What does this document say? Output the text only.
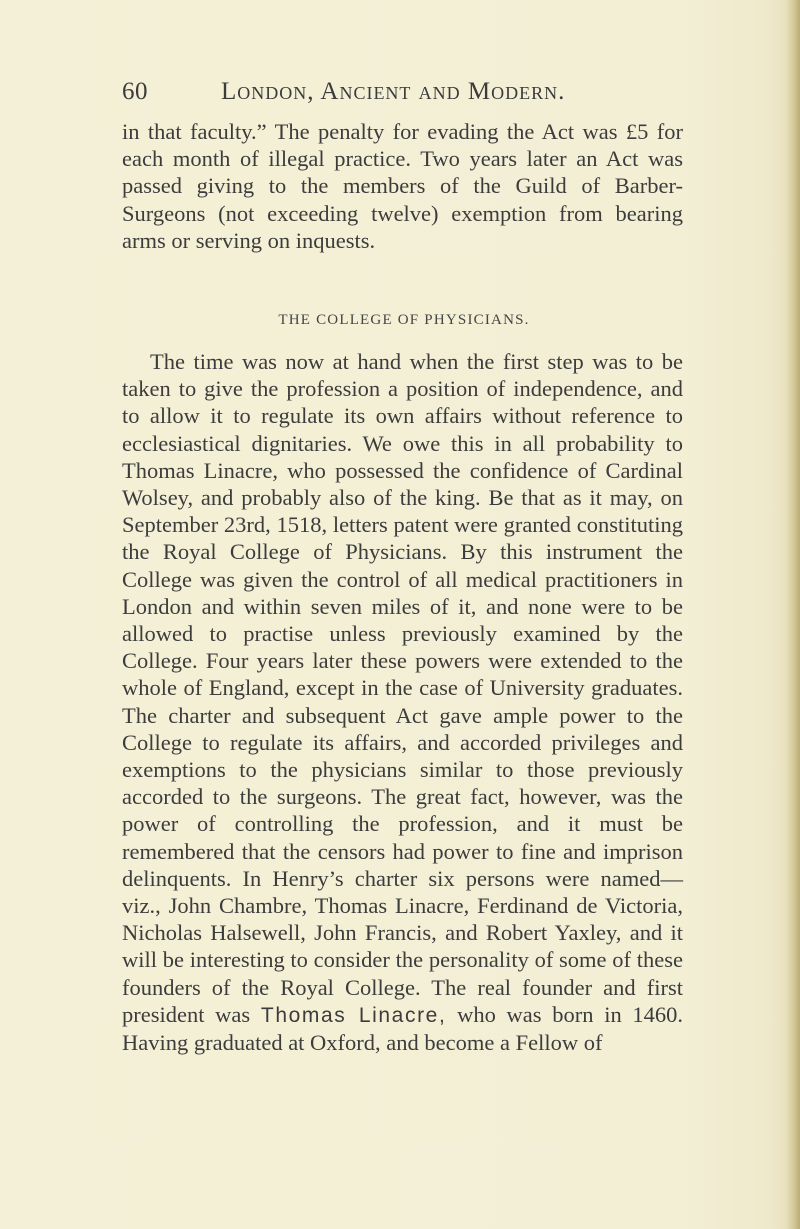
60	London, Ancient and Modern.

in that faculty.” The penalty for evading the Act was £5 for each month of illegal practice. Two years later an Act was passed giving to the members of the Guild of Barber-Surgeons (not exceeding twelve) exemption from bearing arms or serving on inquests.

THE COLLEGE OF PHYSICIANS.

The time was now at hand when the first step was to be taken to give the profession a position of independence, and to allow it to regulate its own affairs without reference to ecclesiastical dignitaries. We owe this in all probability to Thomas Linacre, who possessed the confidence of Cardinal Wolsey, and probably also of the king. Be that as it may, on September 23rd, 1518, letters patent were granted constituting the Royal College of Physicians. By this instrument the College was given the control of all medical practitioners in London and within seven miles of it, and none were to be allowed to practise unless previously examined by the College. Four years later these powers were extended to the whole of England, except in the case of University graduates. The charter and subsequent Act gave ample power to the College to regulate its affairs, and accorded privileges and exemptions to the physicians similar to those previously accorded to the surgeons. The great fact, however, was the power of controlling the profession, and it must be remembered that the censors had power to fine and imprison delinquents. In Henry’s charter six persons were named—viz., John Chambre, Thomas Linacre, Ferdinand de Victoria, Nicholas Halsewell, John Francis, and Robert Yaxley, and it will be interesting to consider the personality of some of these founders of the Royal College. The real founder and first president was Thomas Linacre, who was born in 1460. Having graduated at Oxford, and become a Fellow of
